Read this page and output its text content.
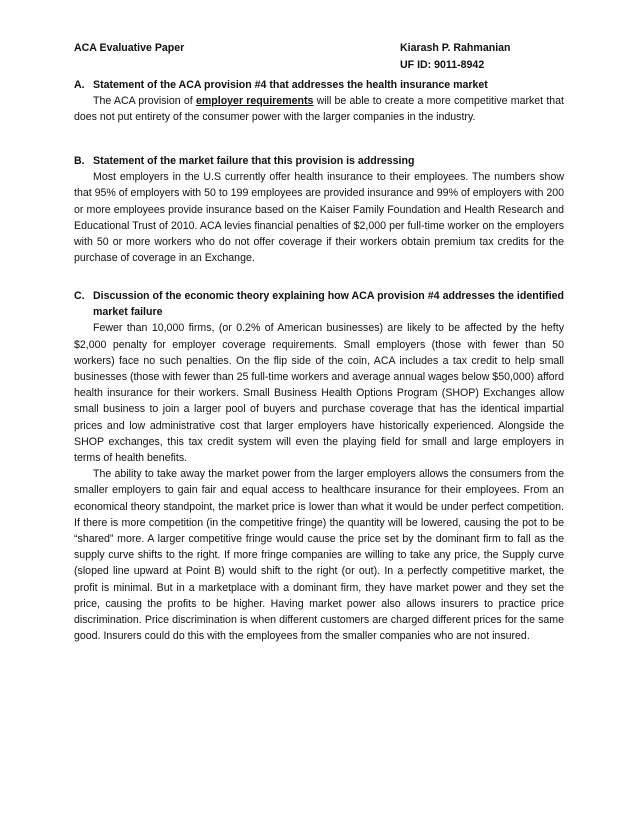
ACA Evaluative Paper	Kiarash P. Rahmanian
UF ID: 9011-8942
A. Statement of the ACA provision #4 that addresses the health insurance market

The ACA provision of employer requirements will be able to create a more competitive market that does not put entirety of the consumer power with the larger companies in the industry.

B. Statement of the market failure that this provision is addressing

Most employers in the U.S currently offer health insurance to their employees. The numbers show that 95% of employers with 50 to 199 employees are provided insurance and 99% of employers with 200 or more employees provide insurance based on the Kaiser Family Foundation and Health Research and Educational Trust of 2010. ACA levies financial penalties of $2,000 per full-time worker on the employers with 50 or more workers who do not offer coverage if their workers obtain premium tax credits for the purchase of coverage in an Exchange.

C. Discussion of the economic theory explaining how ACA provision #4 addresses the identified market failure

Fewer than 10,000 firms, (or 0.2% of American businesses) are likely to be affected by the hefty $2,000 penalty for employer coverage requirements. Small employers (those with fewer than 50 workers) face no such penalties. On the flip side of the coin, ACA includes a tax credit to help small businesses (those with fewer than 25 full-time workers and average annual wages below $50,000) afford health insurance for their workers. Small Business Health Options Program (SHOP) Exchanges allow small business to join a larger pool of buyers and purchase coverage that has the identical impartial prices and low administrative cost that larger employers have historically experienced. Alongside the SHOP exchanges, this tax credit system will even the playing field for small and large employers in terms of health benefits.

The ability to take away the market power from the larger employers allows the consumers from the smaller employers to gain fair and equal access to healthcare insurance for their employees. From an economical theory standpoint, the market price is lower than what it would be under perfect competition. If there is more competition (in the competitive fringe) the quantity will be lowered, causing the pot to be “shared” more. A larger competitive fringe would cause the price set by the dominant firm to fall as the supply curve shifts to the right. If more fringe companies are willing to take any price, the Supply curve (sloped line upward at Point B) would shift to the right (or out). In a perfectly competitive market, the profit is minimal. But in a marketplace with a dominant firm, they have market power and they set the price, causing the profits to be higher. Having market power also allows insurers to practice price discrimination. Price discrimination is when different customers are charged different prices for the same good. Insurers could do this with the employees from the smaller companies who are not insured.
